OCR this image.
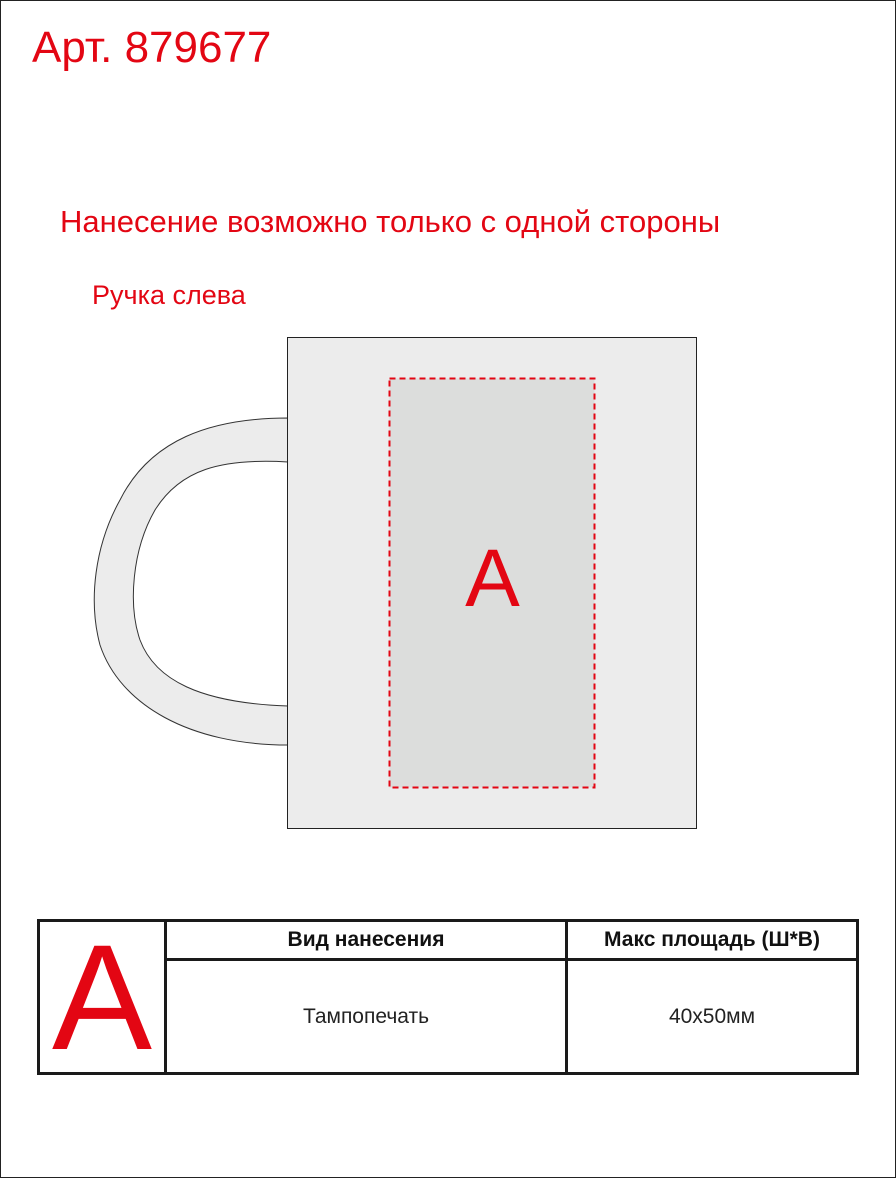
Арт. 879677
Нанесение возможно только с одной стороны
Ручка слева
A
A	Вид нанесения	Макс площадь (Ш*В)
	Тампопечать	40х50мм
